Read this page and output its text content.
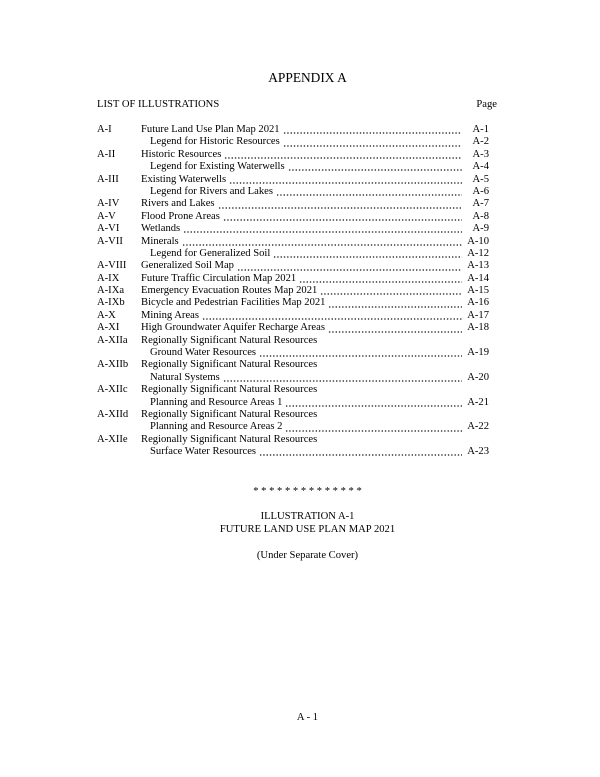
APPENDIX A
LIST OF ILLUSTRATIONS	Page
A-I	Future Land Use Plan Map 2021	A-1
Legend for Historic Resources	A-2
A-II	Historic Resources	A-3
Legend for Existing Waterwells	A-4
A-III	Existing Waterwells	A-5
Legend for Rivers and Lakes	A-6
A-IV	Rivers and Lakes	A-7
A-V	Flood Prone Areas	A-8
A-VI	Wetlands	A-9
A-VII	Minerals	A-10
Legend for Generalized Soil	A-12
A-VIII	Generalized Soil Map	A-13
A-IX	Future Traffic Circulation Map 2021	A-14
A-IXa	Emergency Evacuation Routes Map 2021	A-15
A-IXb	Bicycle and Pedestrian Facilities Map 2021	A-16
A-X	Mining Areas	A-17
A-XI	High Groundwater Aquifer Recharge Areas	A-18
A-XIIa	Regionally Significant Natural Resources
Ground Water Resources	A-19
A-XIIb	Regionally Significant Natural Resources
Natural Systems	A-20
A-XIIc	Regionally Significant Natural Resources
Planning and Resource Areas 1	A-21
A-XIId	Regionally Significant Natural Resources
Planning and Resource Areas 2	A-22
A-XIIe	Regionally Significant Natural Resources
Surface Water Resources	A-23
* * * * * * * * * * * * * *
ILLUSTRATION A-1
FUTURE LAND USE PLAN MAP 2021
(Under Separate Cover)
A - 1
